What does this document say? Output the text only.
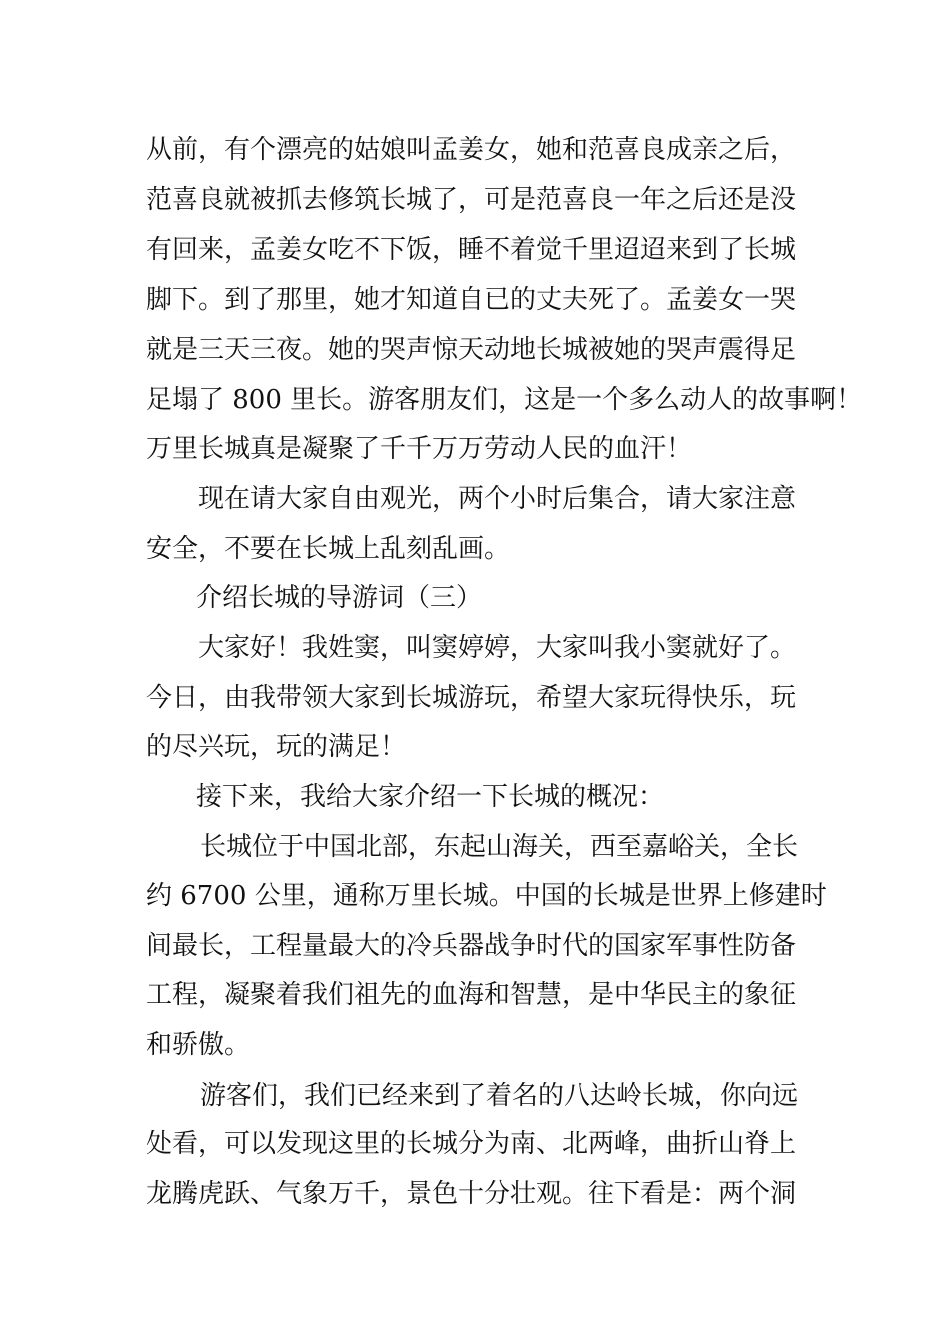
从前，有个漂亮的姑娘叫孟姜女，她和范喜良成亲之后，
范喜良就被抓去修筑长城了，可是范喜良一年之后还是没
有回来，孟姜女吃不下饭，睡不着觉千里迢迢来到了长城
脚下。到了那里，她才知道自已的丈夫死了。孟姜女一哭
就是三天三夜。她的哭声惊天动地长城被她的哭声震得足
足塌了 800 里长。游客朋友们，这是一个多么动人的故事啊！
万里长城真是凝聚了千千万万劳动人民的血汗！
现在请大家自由观光，两个小时后集合，请大家注意
安全，不要在长城上乱刻乱画。
介绍长城的导游词（三）
大家好！我姓窦，叫窦婷婷，大家叫我小窦就好了。
今日，由我带领大家到长城游玩，希望大家玩得快乐，玩
的尽兴玩，玩的满足！
接下来，我给大家介绍一下长城的概况：
长城位于中国北部，东起山海关，西至嘉峪关，全长
约 6700 公里，通称万里长城。中国的长城是世界上修建时
间最长，工程量最大的冷兵器战争时代的国家军事性防备
工程，凝聚着我们祖先的血海和智慧，是中华民主的象征
和骄傲。
游客们，我们已经来到了着名的八达岭长城，你向远
处看，可以发现这里的长城分为南、北两峰，曲折山脊上
龙腾虎跃、气象万千，景色十分壮观。往下看是：两个洞
